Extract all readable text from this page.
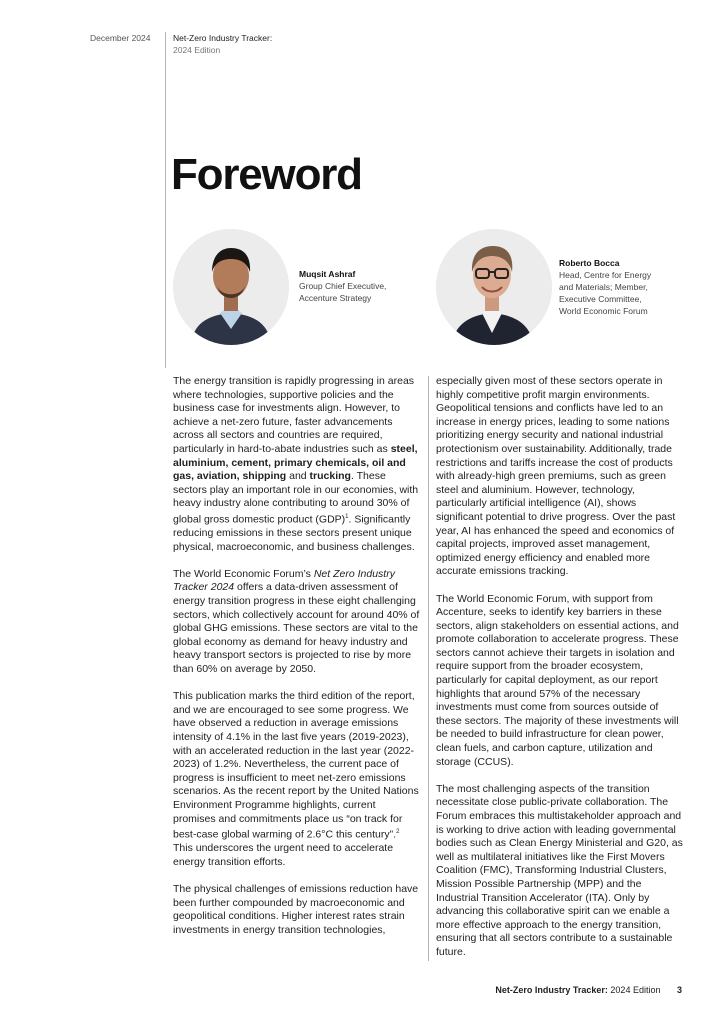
December 2024	Net-Zero Industry Tracker:
2024 Edition
Foreword
Muqsit Ashraf
Group Chief Executive,
Accenture Strategy
Roberto Bocca
Head, Centre for Energy
and Materials; Member,
Executive Committee,
World Economic Forum

The energy transition is rapidly progressing in areas where technologies, supportive policies and the business case for investments align. However, to achieve a net-zero future, faster advancements across all sectors and countries are required, particularly in hard-to-abate industries such as steel, aluminium, cement, primary chemicals, oil and gas, aviation, shipping and trucking. These sectors play an important role in our economies, with heavy industry alone contributing to around 30% of global gross domestic product (GDP)$^1$. Significantly reducing emissions in these sectors present unique physical, macroeconomic, and business challenges.

The World Economic Forum’s Net Zero Industry Tracker 2024 offers a data-driven assessment of energy transition progress in these eight challenging sectors, which collectively account for around 40% of global GHG emissions. These sectors are vital to the global economy as demand for heavy industry and heavy transport sectors is projected to rise by more than 60% on average by 2050.

This publication marks the third edition of the report, and we are encouraged to see some progress. We have observed a reduction in average emissions intensity of 4.1% in the last five years (2019-2023), with an accelerated reduction in the last year (2022-2023) of 1.2%. Nevertheless, the current pace of progress is insufficient to meet net-zero emissions scenarios. As the recent report by the United Nations Environment Programme highlights, current promises and commitments place us “on track for best-case global warming of 2.6°C this century”.$^2$ This underscores the urgent need to accelerate energy transition efforts.

The physical challenges of emissions reduction have been further compounded by macroeconomic and geopolitical conditions. Higher interest rates strain investments in energy transition technologies,

especially given most of these sectors operate in highly competitive profit margin environments. Geopolitical tensions and conflicts have led to an increase in energy prices, leading to some nations prioritizing energy security and national industrial protectionism over sustainability. Additionally, trade restrictions and tariffs increase the cost of products with already-high green premiums, such as green steel and aluminium. However, technology, particularly artificial intelligence (AI), shows significant potential to drive progress. Over the past year, AI has enhanced the speed and economics of capital projects, improved asset management, optimized energy efficiency and enabled more accurate emissions tracking.

The World Economic Forum, with support from Accenture, seeks to identify key barriers in these sectors, align stakeholders on essential actions, and promote collaboration to accelerate progress. These sectors cannot achieve their targets in isolation and require support from the broader ecosystem, particularly for capital deployment, as our report highlights that around 57% of the necessary investments must come from sources outside of these sectors. The majority of these investments will be needed to build infrastructure for clean power, clean fuels, and carbon capture, utilization and storage (CCUS).

The most challenging aspects of the transition necessitate close public-private collaboration. The Forum embraces this multistakeholder approach and is working to drive action with leading governmental bodies such as Clean Energy Ministerial and G20, as well as multilateral initiatives like the First Movers Coalition (FMC), Transforming Industrial Clusters, Mission Possible Partnership (MPP) and the Industrial Transition Accelerator (ITA). Only by advancing this collaborative spirit can we enable a more effective approach to the energy transition, ensuring that all sectors contribute to a sustainable future.

Net-Zero Industry Tracker: 2024 Edition 3
